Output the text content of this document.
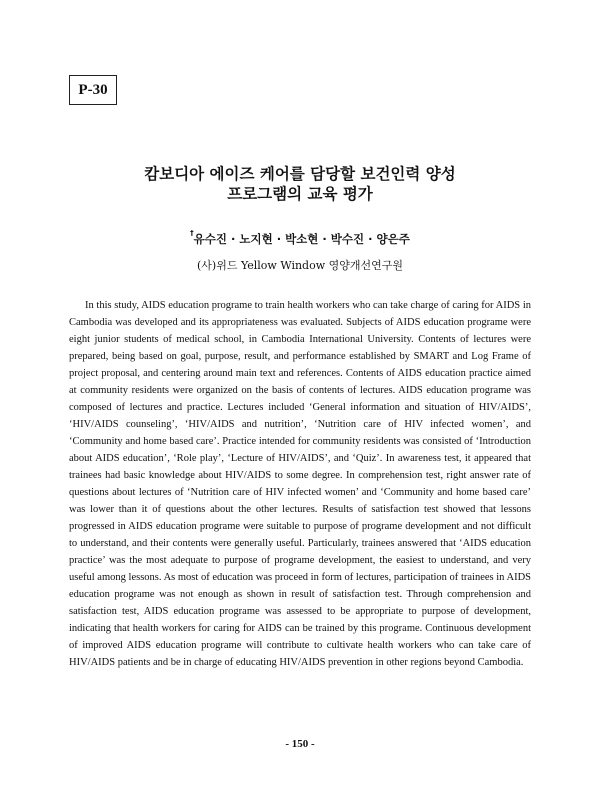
P-30
캄보디아 에이즈 케어를 담당할 보건인력 양성
프로그램의 교육 평가
†유수진 · 노지현 · 박소현 · 박수진 · 양은주
(사)위드 Yellow Window 영양개선연구원

In this study, AIDS education programe to train health workers who can take charge of caring for AIDS in Cambodia was developed and its appropriateness was evaluated. Subjects of AIDS education programe were eight junior students of medical school, in Cambodia International University. Contents of lectures were prepared, being based on goal, purpose, result, and performance established by SMART and Log Frame of project proposal, and centering around main text and references. Contents of AIDS education practice aimed at community residents were organized on the basis of contents of lectures. AIDS education programe was composed of lectures and practice. Lectures included ‘General information and situation of HIV/AIDS’, ‘HIV/AIDS counseling’, ‘HIV/AIDS and nutrition’, ‘Nutrition care of HIV infected women’, and ‘Community and home based care’. Practice intended for community residents was consisted of ‘Introduction about AIDS education’, ‘Role play’, ‘Lecture of HIV/AIDS’, and ‘Quiz’. In awareness test, it appeared that trainees had basic knowledge about HIV/AIDS to some degree. In comprehension test, right answer rate of questions about lectures of ‘Nutrition care of HIV infected women’ and ‘Community and home based care’ was lower than it of questions about the other lectures. Results of satisfaction test showed that lessons progressed in AIDS education programe were suitable to purpose of programe development and not difficult to understand, and their contents were generally useful. Particularly, trainees answered that ‘AIDS education practice’ was the most adequate to purpose of programe development, the easiest to understand, and very useful among lessons. As most of education was proceed in form of lectures, participation of trainees in AIDS education programe was not enough as shown in result of satisfaction test. Through comprehension and satisfaction test, AIDS education programe was assessed to be appropriate to purpose of development, indicating that health workers for caring for AIDS can be trained by this programe. Continuous development of improved AIDS education programe will contribute to cultivate health workers who can take care of HIV/AIDS patients and be in charge of educating HIV/AIDS prevention in other regions beyond Cambodia.

- 150 -
